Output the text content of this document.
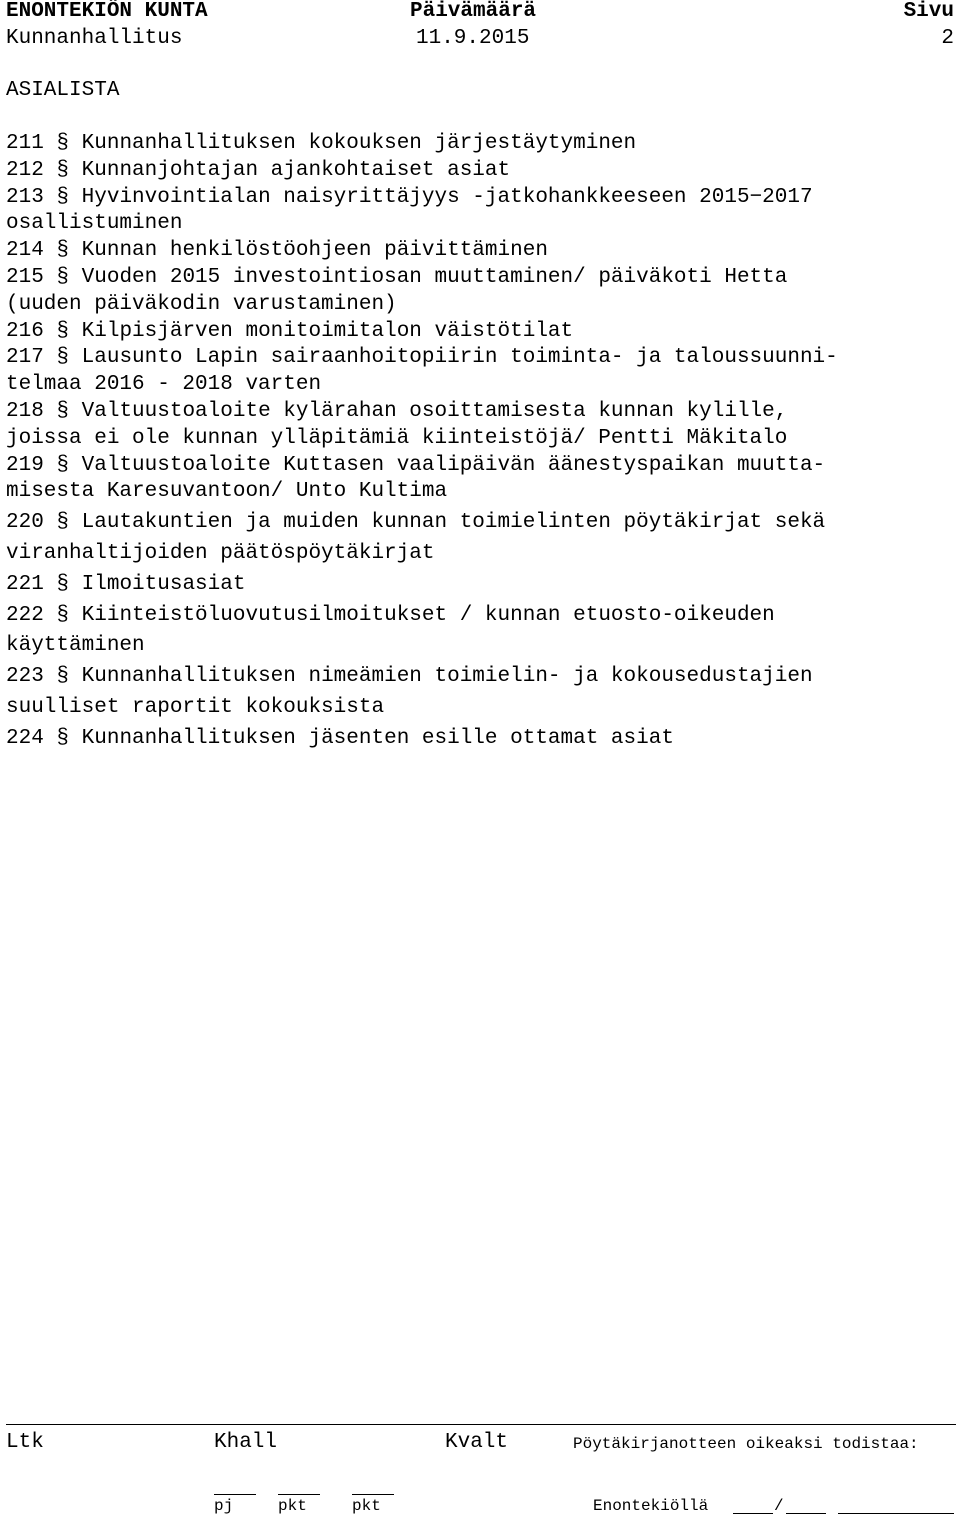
ENONTEKIÖN KUNTA	Päivämäärä	Sivu
Kunnanhallitus	11.9.2015	2
ASIALISTA
211 § Kunnanhallituksen kokouksen järjestäytyminen
212 § Kunnanjohtajan ajankohtaiset asiat
213 § Hyvinvointialan naisyrittäjyys -jatkohankkeeseen 2015−2017
osallistuminen
214 § Kunnan henkilöstöohjeen päivittäminen
215 § Vuoden 2015 investointiosan muuttaminen/ päiväkoti Hetta
(uuden päiväkodin varustaminen)
216 § Kilpisjärven monitoimitalon väistötilat
217 § Lausunto Lapin sairaanhoitopiirin toiminta- ja taloussuunni-
telmaa 2016 - 2018 varten
218 § Valtuustoaloite kylärahan osoittamisesta kunnan kylille,
joissa ei ole kunnan ylläpitämiä kiinteistöjä/ Pentti Mäkitalo
219 § Valtuustoaloite Kuttasen vaalipäivän äänestyspaikan muutta-
misesta Karesuvantoon/ Unto Kultima
220 § Lautakuntien ja muiden kunnan toimielinten pöytäkirjat sekä
viranhaltijoiden päätöspöytäkirjat
221 § Ilmoitusasiat
222 § Kiinteistöluovutusilmoitukset / kunnan etuosto-oikeuden
käyttäminen
223 § Kunnanhallituksen nimeämien toimielin- ja kokousedustajien
suulliset raportit kokouksista
224 § Kunnanhallituksen jäsenten esille ottamat asiat
Ltk	Khall	Kvalt	Pöytäkirjanotteen oikeaksi todistaa:
pj	pkt	pkt	Enontekiöllä	/
